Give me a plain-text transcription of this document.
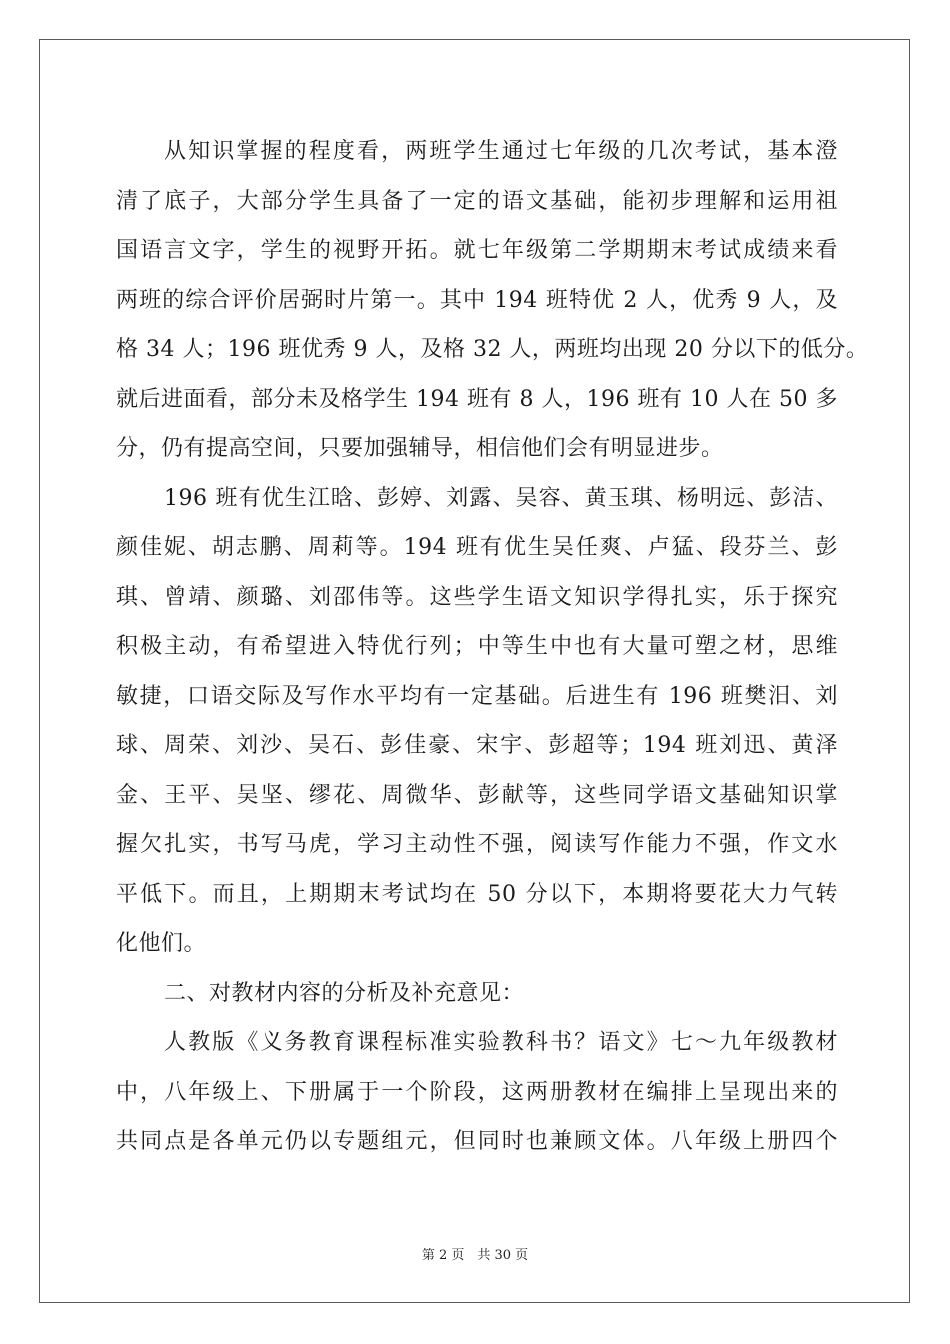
从知识掌握的程度看，两班学生通过七年级的几次考试，基本澄
清了底子，大部分学生具备了一定的语文基础，能初步理解和运用祖
国语言文字，学生的视野开拓。就七年级第二学期期末考试成绩来看
两班的综合评价居弼时片第一。其中 194 班特优 2 人，优秀 9 人，及
格 34 人；196 班优秀 9 人，及格 32 人，两班均出现 20 分以下的低分。
就后进面看，部分未及格学生 194 班有 8 人，196 班有 10 人在 50 多
分，仍有提高空间，只要加强辅导，相信他们会有明显进步。
196 班有优生江晗、彭婷、刘露、吴容、黄玉琪、杨明远、彭洁、
颜佳妮、胡志鹏、周莉等。194 班有优生吴任爽、卢猛、段芬兰、彭
琪、曾靖、颜璐、刘邵伟等。这些学生语文知识学得扎实，乐于探究
积极主动，有希望进入特优行列；中等生中也有大量可塑之材，思维
敏捷，口语交际及写作水平均有一定基础。后进生有 196 班樊汨、刘
球、周荣、刘沙、吴石、彭佳豪、宋宇、彭超等；194 班刘迅、黄泽
金、王平、吴坚、缪花、周微华、彭献等，这些同学语文基础知识掌
握欠扎实，书写马虎，学习主动性不强，阅读写作能力不强，作文水
平低下。而且，上期期末考试均在 50 分以下，本期将要花大力气转
化他们。
二、对教材内容的分析及补充意见：
人教版《义务教育课程标准实验教科书？语文》七～九年级教材
中，八年级上、下册属于一个阶段，这两册教材在编排上呈现出来的
共同点是各单元仍以专题组元，但同时也兼顾文体。八年级上册四个
第 2 页　共 30 页
